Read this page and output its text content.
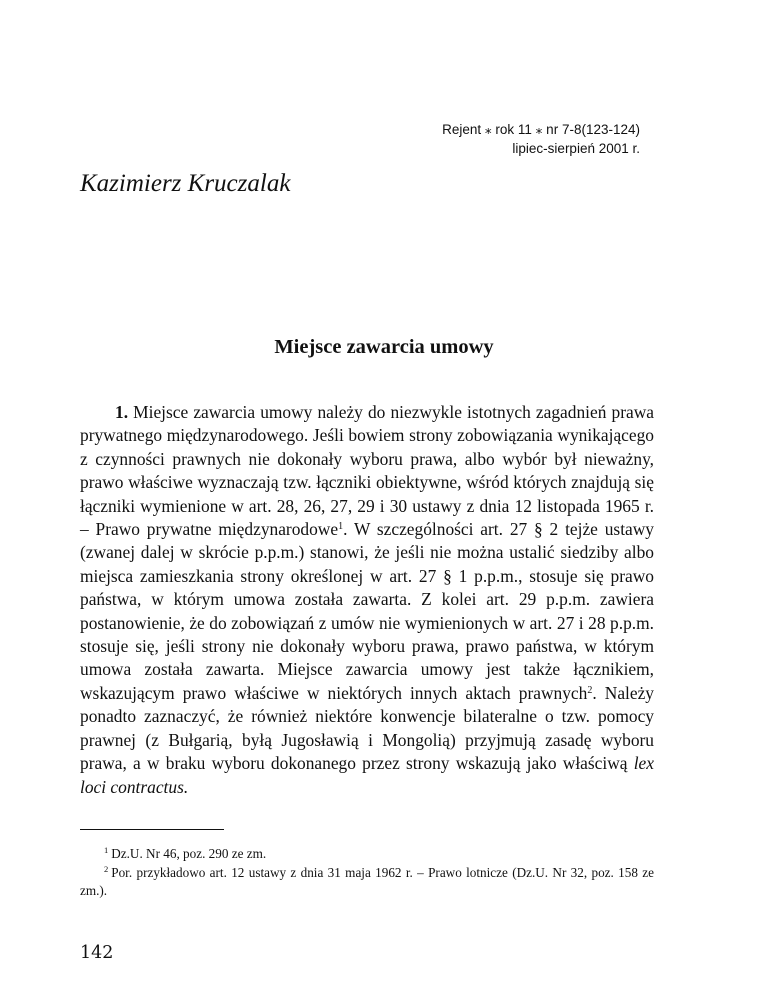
Rejent ⁎ rok 11 ⁎ nr 7-8(123-124)
lipiec-sierpień 2001 r.
Kazimierz Kruczalak
Miejsce zawarcia umowy

1. Miejsce zawarcia umowy należy do niezwykle istotnych zagadnień prawa prywatnego międzynarodowego. Jeśli bowiem strony zobowiązania wynikającego z czynności prawnych nie dokonały wyboru prawa, albo wybór był nieważny, prawo właściwe wyznaczają tzw. łączniki obiektywne, wśród których znajdują się łączniki wymienione w art. 28, 26, 27, 29 i 30 ustawy z dnia 12 listopada 1965 r. – Prawo prywatne międzynarodowe$^1$. W szczególności art. 27 § 2 tejże ustawy (zwanej dalej w skrócie p.p.m.) stanowi, że jeśli nie można ustalić siedziby albo miejsca zamieszkania strony określonej w art. 27 § 1 p.p.m., stosuje się prawo państwa, w którym umowa została zawarta. Z kolei art. 29 p.p.m. zawiera postanowienie, że do zobowiązań z umów nie wymienionych w art. 27 i 28 p.p.m. stosuje się, jeśli strony nie dokonały wyboru prawa, prawo państwa, w którym umowa została zawarta. Miejsce zawarcia umowy jest także łącznikiem, wskazującym prawo właściwe w niektórych innych aktach prawnych$^2$. Należy ponadto zaznaczyć, że również niektóre konwencje bilateralne o tzw. pomocy prawnej (z Bułgarią, byłą Jugosławią i Mongolią) przyjmują zasadę wyboru prawa, a w braku wyboru dokonanego przez strony wskazują jako właściwą lex loci contractus.

$^1$ Dz.U. Nr 46, poz. 290 ze zm.

$^2$ Por. przykładowo art. 12 ustawy z dnia 31 maja 1962 r. – Prawo lotnicze (Dz.U. Nr 32, poz. 158 ze zm.).

142
